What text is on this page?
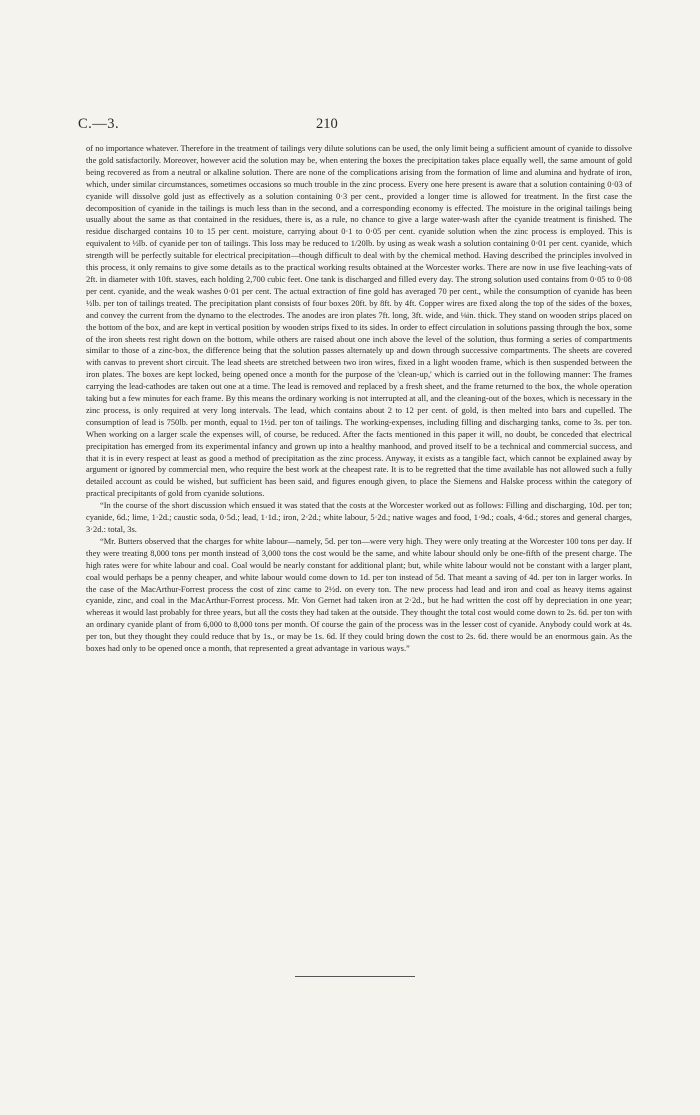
C.—3.	210

of no importance whatever. Therefore in the treatment of tailings very dilute solutions can be used, the only limit being a sufficient amount of cyanide to dissolve the gold satisfactorily. Moreover, however acid the solution may be, when entering the boxes the precipitation takes place equally well, the same amount of gold being recovered as from a neutral or alkaline solution. There are none of the complications arising from the formation of lime and alumina and hydrate of iron, which, under similar circumstances, sometimes occasions so much trouble in the zinc process. Every one here present is aware that a solution containing 0·03 of cyanide will dissolve gold just as effectively as a solution containing 0·3 per cent., provided a longer time is allowed for treatment. In the first case the decomposition of cyanide in the tailings is much less than in the second, and a corresponding economy is effected. The moisture in the original tailings being usually about the same as that contained in the residues, there is, as a rule, no chance to give a large water-wash after the cyanide treatment is finished. The residue discharged contains 10 to 15 per cent. moisture, carrying about 0·1 to 0·05 per cent. cyanide solution when the zinc process is employed. This is equivalent to ½lb. of cyanide per ton of tailings. This loss may be reduced to 1/20lb. by using as weak wash a solution containing 0·01 per cent. cyanide, which strength will be perfectly suitable for electrical precipitation—though difficult to deal with by the chemical method. Having described the principles involved in this process, it only remains to give some details as to the practical working results obtained at the Worcester works. There are now in use five leaching-vats of 2ft. in diameter with 10ft. staves, each holding 2,700 cubic feet. One tank is discharged and filled every day. The strong solution used contains from 0·05 to 0·08 per cent. cyanide, and the weak washes 0·01 per cent. The actual extraction of fine gold has averaged 70 per cent., while the consumption of cyanide has been ½lb. per ton of tailings treated. The precipitation plant consists of four boxes 20ft. by 8ft. by 4ft. Copper wires are fixed along the top of the sides of the boxes, and convey the current from the dynamo to the electrodes. The anodes are iron plates 7ft. long, 3ft. wide, and ⅛in. thick. They stand on wooden strips placed on the bottom of the box, and are kept in vertical position by wooden strips fixed to its sides. In order to effect circulation in solutions passing through the box, some of the iron sheets rest right down on the bottom, while others are raised about one inch above the level of the solution, thus forming a series of compartments similar to those of a zinc-box, the difference being that the solution passes alternately up and down through successive compartments. The sheets are covered with canvas to prevent short circuit. The lead sheets are stretched between two iron wires, fixed in a light wooden frame, which is then suspended between the iron plates. The boxes are kept locked, being opened once a month for the purpose of the 'clean-up,' which is carried out in the following manner: The frames carrying the lead-cathodes are taken out one at a time. The lead is removed and replaced by a fresh sheet, and the frame returned to the box, the whole operation taking but a few minutes for each frame. By this means the ordinary working is not interrupted at all, and the cleaning-out of the boxes, which is necessary in the zinc process, is only required at very long intervals. The lead, which contains about 2 to 12 per cent. of gold, is then melted into bars and cupelled. The consumption of lead is 750lb. per month, equal to 1½d. per ton of tailings. The working-expenses, including filling and discharging tanks, come to 3s. per ton. When working on a larger scale the expenses will, of course, be reduced. After the facts mentioned in this paper it will, no doubt, be conceded that electrical precipitation has emerged from its experimental infancy and grown up into a healthy manhood, and proved itself to be a technical and commercial success, and that it is in every respect at least as good a method of precipitation as the zinc process. Anyway, it exists as a tangible fact, which cannot be explained away by argument or ignored by commercial men, who require the best work at the cheapest rate. It is to be regretted that the time available has not allowed such a fully detailed account as could be wished, but sufficient has been said, and figures enough given, to place the Siemens and Halske process within the category of practical precipitants of gold from cyanide solutions.

“In the course of the short discussion which ensued it was stated that the costs at the Worcester worked out as follows: Filling and discharging, 10d. per ton; cyanide, 6d.; lime, 1·2d.; caustic soda, 0·5d.; lead, 1·1d.; iron, 2·2d.; white labour, 5·2d.; native wages and food, 1·9d.; coals, 4·6d.; stores and general charges, 3·2d.: total, 3s.

“Mr. Butters observed that the charges for white labour—namely, 5d. per ton—were very high. They were only treating at the Worcester 100 tons per day. If they were treating 8,000 tons per month instead of 3,000 tons the cost would be the same, and white labour should only be one-fifth of the present charge. The high rates were for white labour and coal. Coal would be nearly constant for additional plant; but, while white labour would not be constant with a larger plant, coal would perhaps be a penny cheaper, and white labour would come down to 1d. per ton instead of 5d. That meant a saving of 4d. per ton in larger works. In the case of the MacArthur-Forrest process the cost of zinc came to 2½d. on every ton. The new process had lead and iron and coal as heavy items against cyanide, zinc, and coal in the MacArthur-Forrest process. Mr. Von Gernet had taken iron at 2·2d., but he had written the cost off by depreciation in one year; whereas it would last probably for three years, but all the costs they had taken at the outside. They thought the total cost would come down to 2s. 6d. per ton with an ordinary cyanide plant of from 6,000 to 8,000 tons per month. Of course the gain of the process was in the lesser cost of cyanide. Anybody could work at 4s. per ton, but they thought they could reduce that by 1s., or may be 1s. 6d. If they could bring down the cost to 2s. 6d. there would be an enormous gain. As the boxes had only to be opened once a month, that represented a great advantage in various ways.”
